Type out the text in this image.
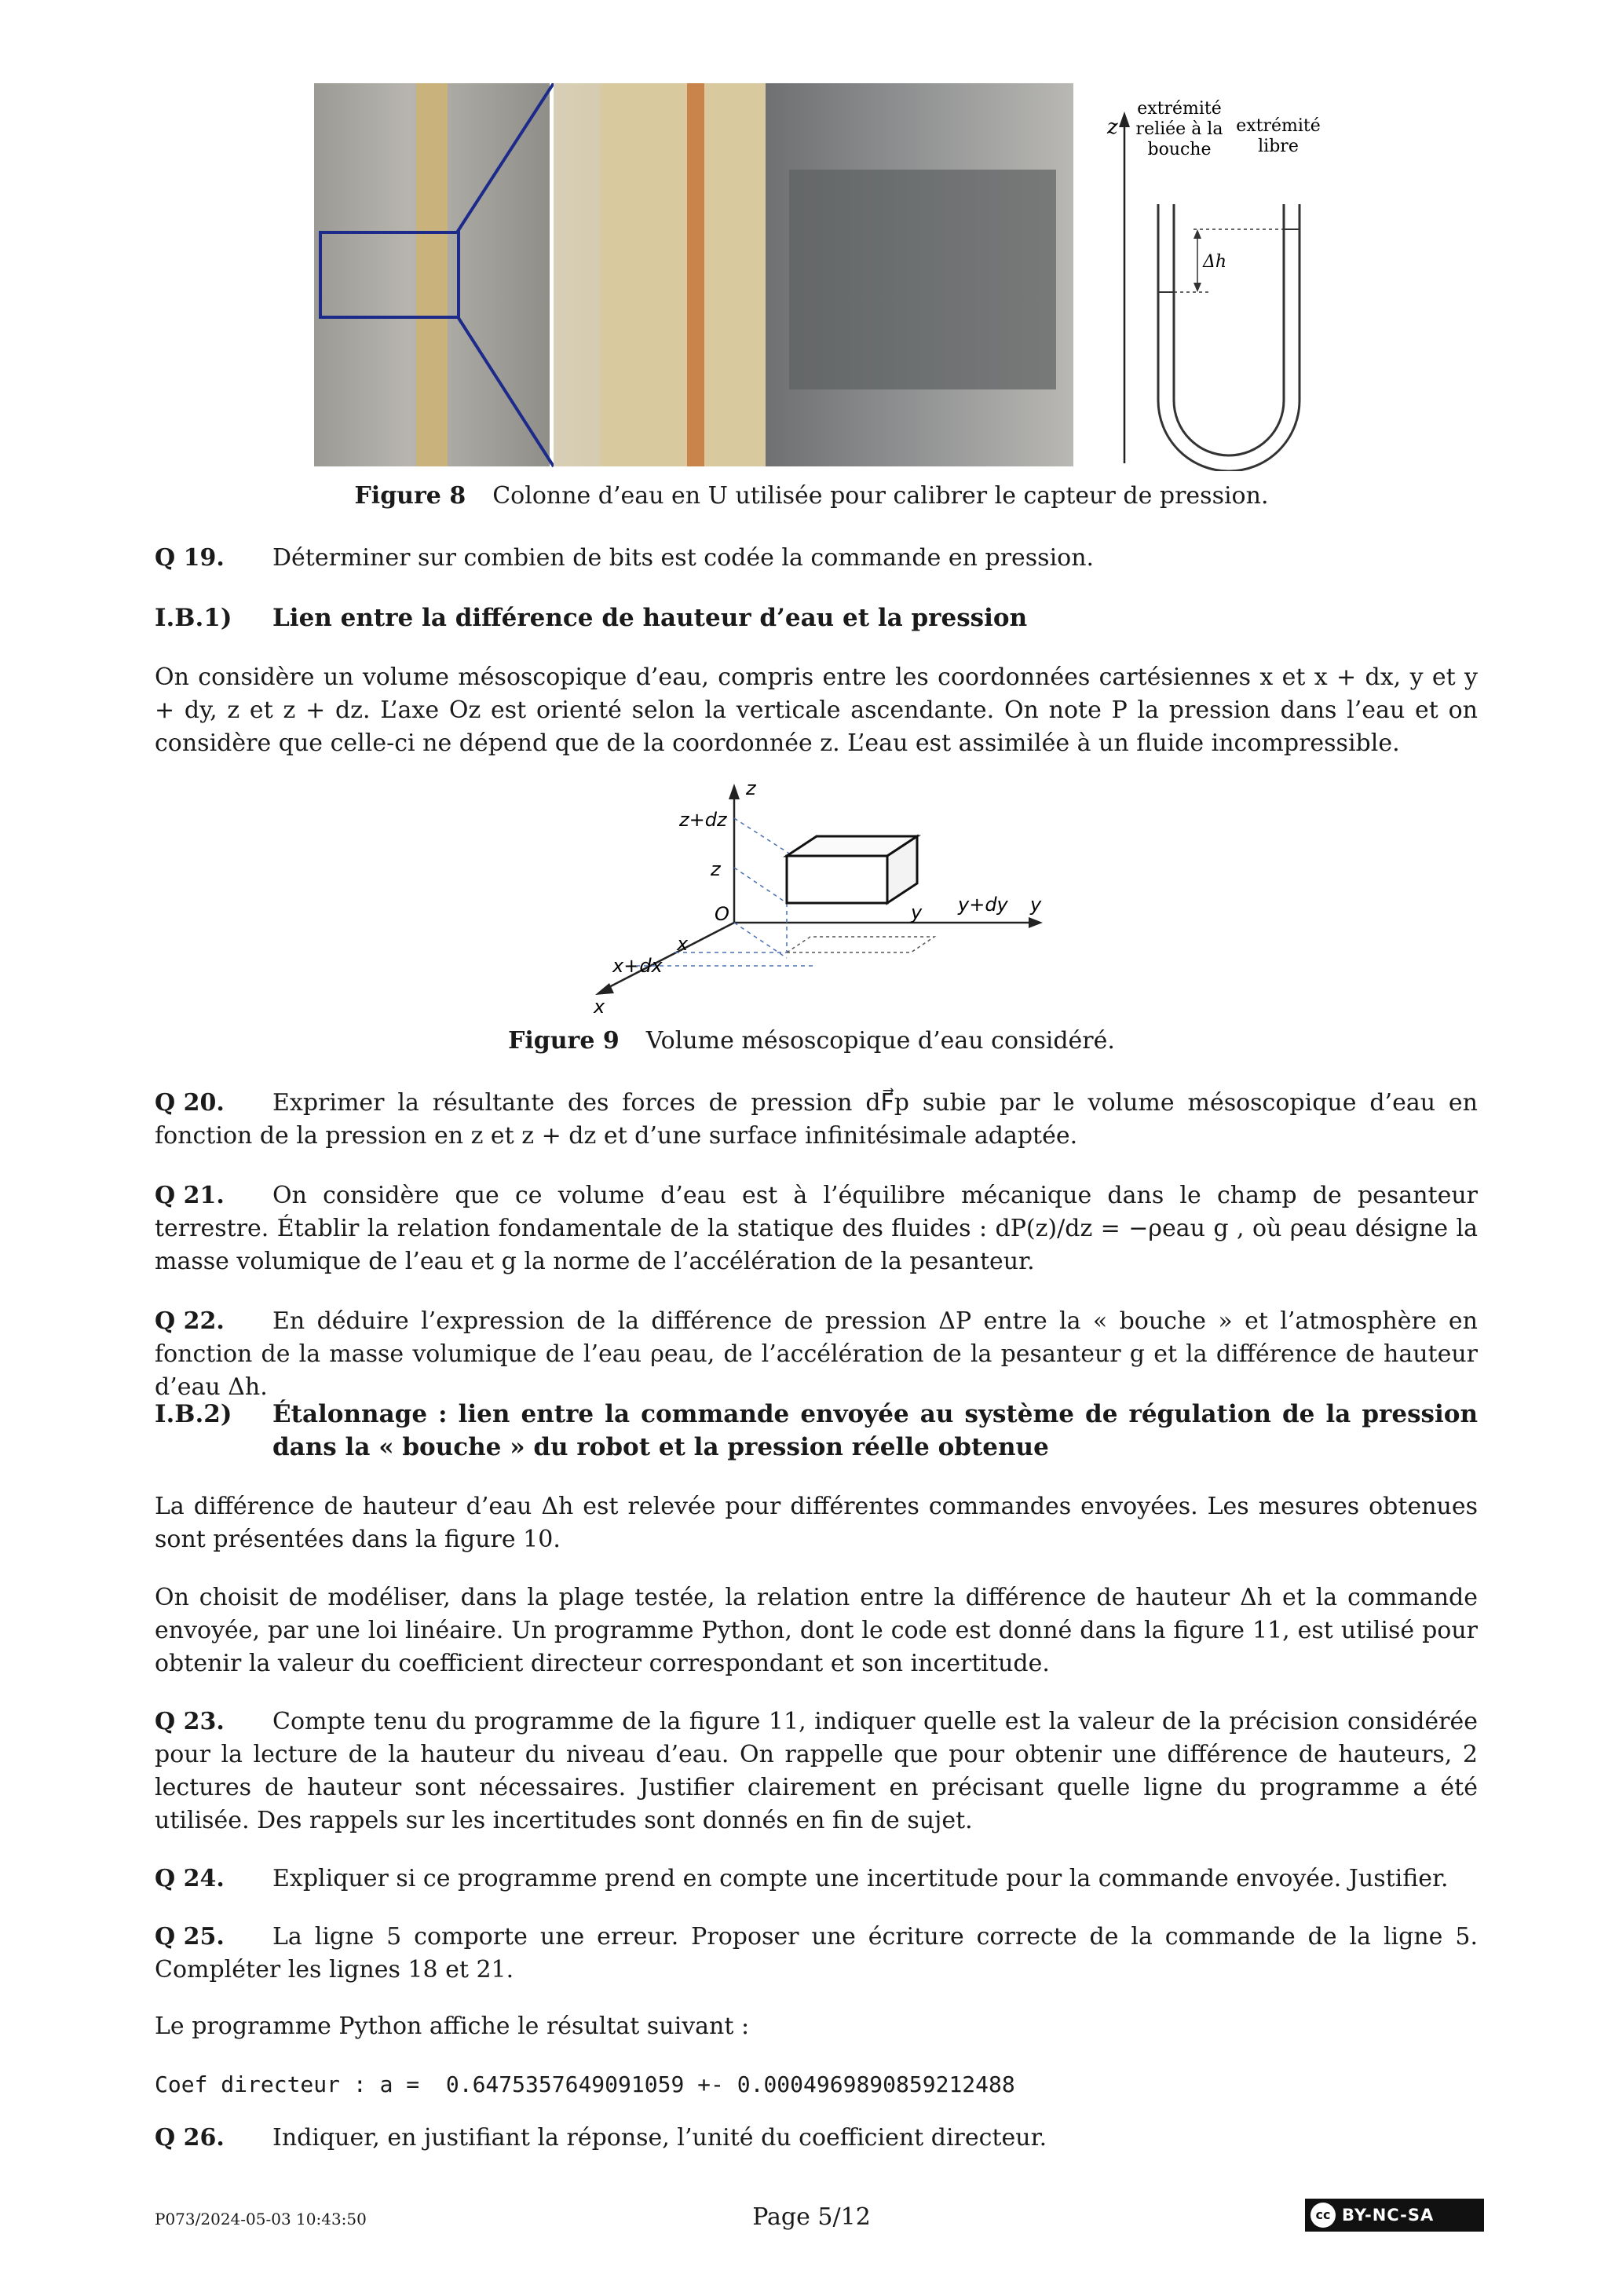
z
extrémité
reliée à la
bouche
extrémité
libre
Δh
Figure 8 Colonne d’eau en U utilisée pour calibrer le capteur de pression.

Q 19. Déterminer sur combien de bits est codée la commande en pression.

I.B.1) Lien entre la différence de hauteur d’eau et la pression

On considère un volume mésoscopique d’eau, compris entre les coordonnées cartésiennes x et x + dx, y et y + dy, z et z + dz. L’axe Oz est orienté selon la verticale ascendante. On note P la pression dans l’eau et on considère que celle-ci ne dépend que de la coordonnée z. L’eau est assimilée à un fluide incompressible.

z
y
x
z+dz
z
O
x
x+dx
y y+dy
Figure 9 Volume mésoscopique d’eau considéré.

Q 20. Exprimer la résultante des forces de pression dF⃗p subie par le volume mésoscopique d’eau en fonction de la pression en z et z + dz et d’une surface infinitésimale adaptée.

Q 21. On considère que ce volume d’eau est à l’équilibre mécanique dans le champ de pesanteur terrestre. Établir la relation fondamentale de la statique des fluides : dP(z)/dz = −ρeau g , où ρeau désigne la masse volumique de l’eau et g la norme de l’accélération de la pesanteur.

Q 22. En déduire l’expression de la différence de pression ΔP entre la « bouche » et l’atmosphère en fonction de la masse volumique de l’eau ρeau, de l’accélération de la pesanteur g et la différence de hauteur d’eau Δh.

I.B.2) Étalonnage : lien entre la commande envoyée au système de régulation de la pression dans la « bouche » du robot et la pression réelle obtenue

La différence de hauteur d’eau Δh est relevée pour différentes commandes envoyées. Les mesures obtenues sont présentées dans la figure 10.

On choisit de modéliser, dans la plage testée, la relation entre la différence de hauteur Δh et la commande envoyée, par une loi linéaire. Un programme Python, dont le code est donné dans la figure 11, est utilisé pour obtenir la valeur du coefficient directeur correspondant et son incertitude.

Q 23. Compte tenu du programme de la figure 11, indiquer quelle est la valeur de la précision considérée pour la lecture de la hauteur du niveau d’eau. On rappelle que pour obtenir une différence de hauteurs, 2 lectures de hauteur sont nécessaires. Justifier clairement en précisant quelle ligne du programme a été utilisée. Des rappels sur les incertitudes sont donnés en fin de sujet.

Q 24. Expliquer si ce programme prend en compte une incertitude pour la commande envoyée. Justifier.

Q 25. La ligne 5 comporte une erreur. Proposer une écriture correcte de la commande de la ligne 5. Compléter les lignes 18 et 21.

Le programme Python affiche le résultat suivant :

Coef directeur : a =  0.6475357649091059 +- 0.0004969890859212488

Q 26. Indiquer, en justifiant la réponse, l’unité du coefficient directeur.

P073/2024-05-03 10:43:50	Page 5/12	cc BY-NC-SA
